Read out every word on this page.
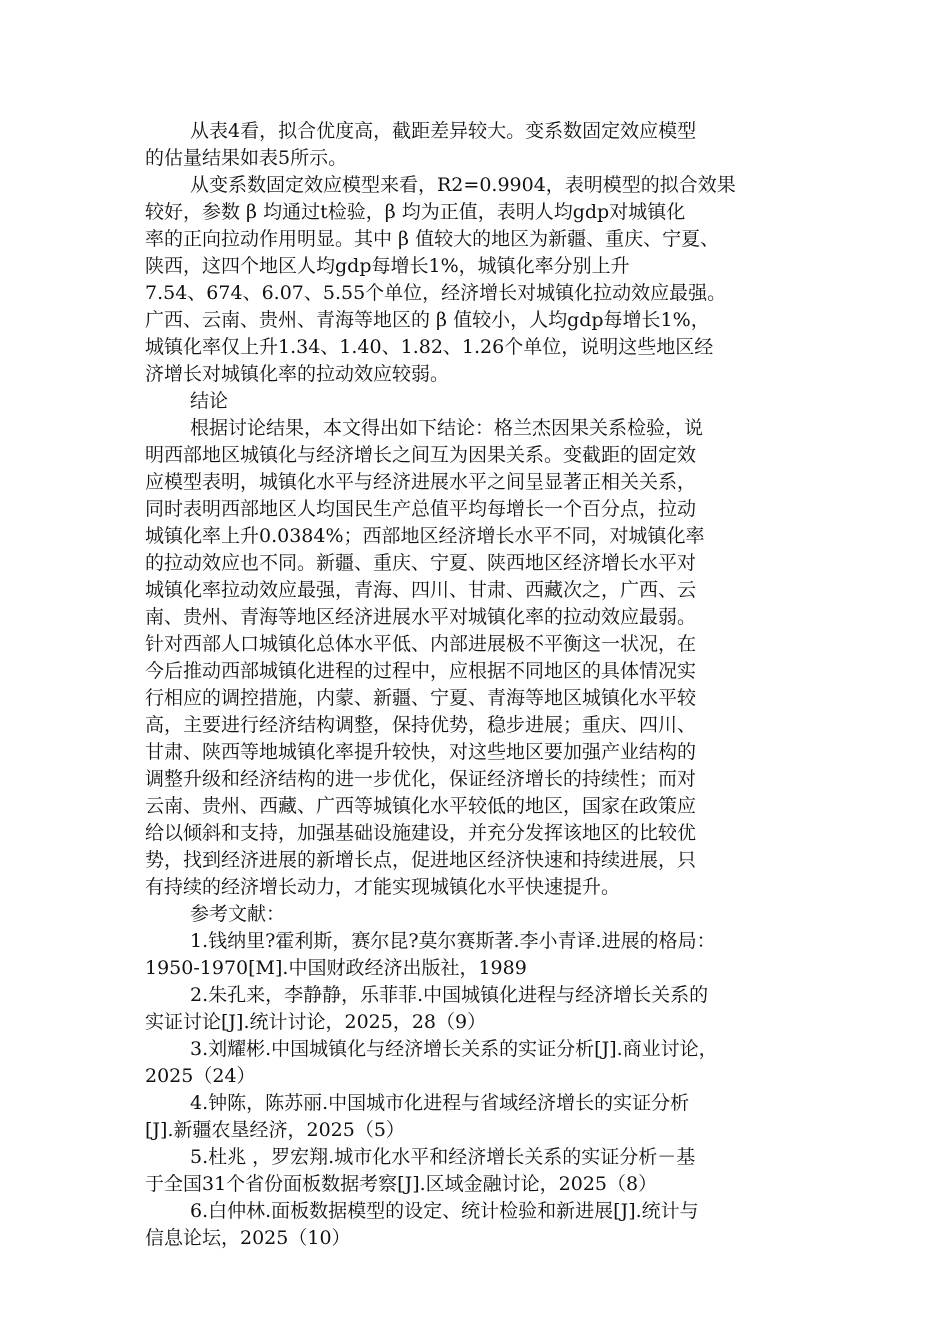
从表4看，拟合优度高，截距差异较大。变系数固定效应模型
的估量结果如表5所示。
从变系数固定效应模型来看，R2=0.9904，表明模型的拟合效果
较好，参数 β 均通过t检验，β 均为正值，表明人均gdp对城镇化
率的正向拉动作用明显。其中 β 值较大的地区为新疆、重庆、宁夏、
陕西，这四个地区人均gdp每增长1%，城镇化率分别上升
7.54、674、6.07、5.55个单位，经济增长对城镇化拉动效应最强。
广西、云南、贵州、青海等地区的 β 值较小，人均gdp每增长1%，
城镇化率仅上升1.34、1.40、1.82、1.26个单位，说明这些地区经
济增长对城镇化率的拉动效应较弱。
结论
根据讨论结果，本文得出如下结论：格兰杰因果关系检验，说
明西部地区城镇化与经济增长之间互为因果关系。变截距的固定效
应模型表明，城镇化水平与经济进展水平之间呈显著正相关关系，
同时表明西部地区人均国民生产总值平均每增长一个百分点，拉动
城镇化率上升0.0384%；西部地区经济增长水平不同，对城镇化率
的拉动效应也不同。新疆、重庆、宁夏、陕西地区经济增长水平对
城镇化率拉动效应最强，青海、四川、甘肃、西藏次之，广西、云
南、贵州、青海等地区经济进展水平对城镇化率的拉动效应最弱。
针对西部人口城镇化总体水平低、内部进展极不平衡这一状况，在
今后推动西部城镇化进程的过程中，应根据不同地区的具体情况实
行相应的调控措施，内蒙、新疆、宁夏、青海等地区城镇化水平较
高，主要进行经济结构调整，保持优势，稳步进展；重庆、四川、
甘肃、陕西等地城镇化率提升较快，对这些地区要加强产业结构的
调整升级和经济结构的进一步优化，保证经济增长的持续性；而对
云南、贵州、西藏、广西等城镇化水平较低的地区，国家在政策应
给以倾斜和支持，加强基础设施建设，并充分发挥该地区的比较优
势，找到经济进展的新增长点，促进地区经济快速和持续进展，只
有持续的经济增长动力，才能实现城镇化水平快速提升。
参考文献：
1.钱纳里?霍利斯，赛尔昆?莫尔赛斯著.李小青译.进展的格局：
1950-1970[M].中国财政经济出版社，1989
2.朱孔来，李静静，乐菲菲.中国城镇化进程与经济增长关系的
实证讨论[J].统计讨论，2025，28（9）
3.刘耀彬.中国城镇化与经济增长关系的实证分析[J].商业讨论，
2025（24）
4.钟陈，陈苏丽.中国城市化进程与省域经济增长的实证分析
[J].新疆农垦经济，2025（5）
5.杜兆 ，罗宏翔.城市化水平和经济增长关系的实证分析－基
于全国31个省份面板数据考察[J].区域金融讨论，2025（8）
6.白仲林.面板数据模型的设定、统计检验和新进展[J].统计与
信息论坛，2025（10）
